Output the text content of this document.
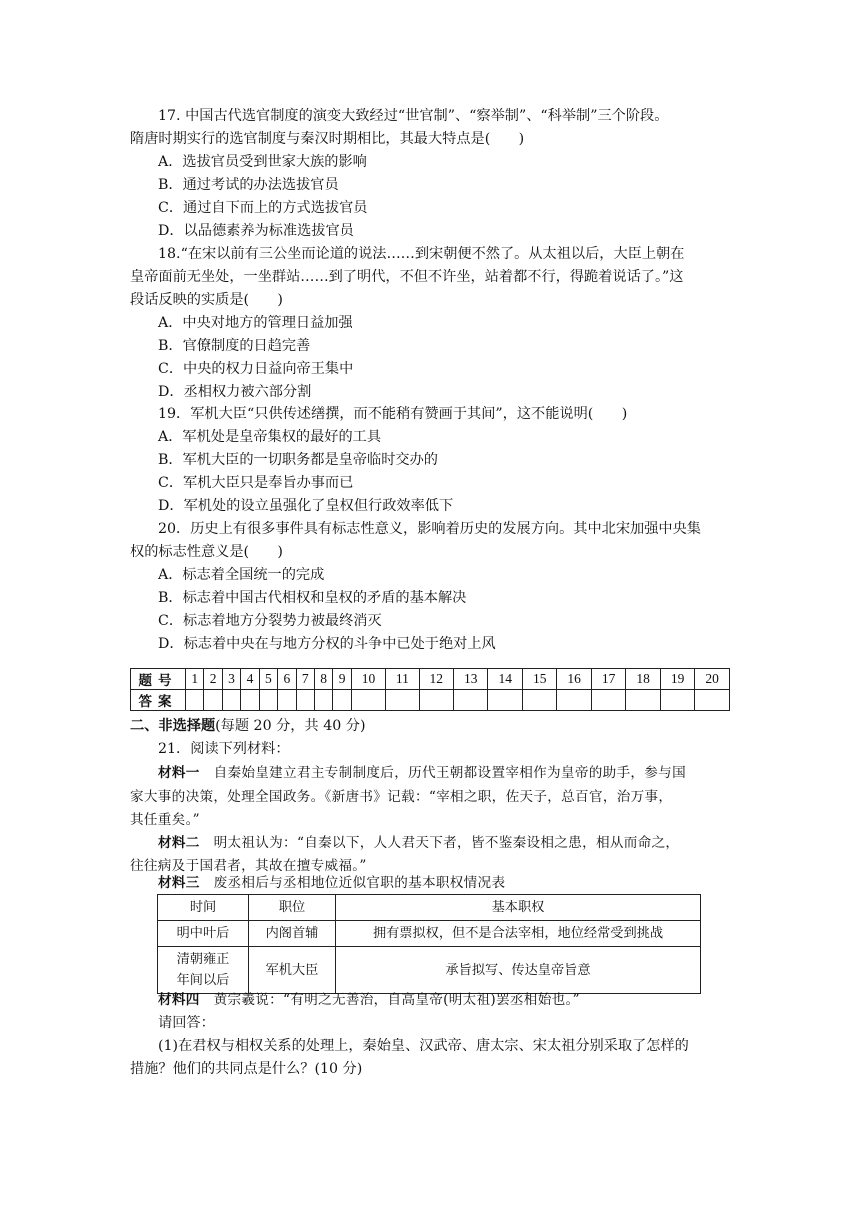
17. 中国古代选官制度的演变大致经过“世官制”、“察举制”、“科举制”三个阶段。
隋唐时期实行的选官制度与秦汉时期相比，其最大特点是(　　)
A．选拔官员受到世家大族的影响
B．通过考试的办法选拔官员
C．通过自下而上的方式选拔官员
D．以品德素养为标准选拔官员
18.“在宋以前有三公坐而论道的说法……到宋朝便不然了。从太祖以后，大臣上朝在
皇帝面前无坐处，一坐群站……到了明代，不但不许坐，站着都不行，得跪着说话了。”这
段话反映的实质是(　　)
A．中央对地方的管理日益加强
B．官僚制度的日趋完善
C．中央的权力日益向帝王集中
D．丞相权力被六部分割
19．军机大臣“只供传述缮撰，而不能稍有赞画于其间”，这不能说明(　　)
A．军机处是皇帝集权的最好的工具
B．军机大臣的一切职务都是皇帝临时交办的
C．军机大臣只是奉旨办事而已
D．军机处的设立虽强化了皇权但行政效率低下
20．历史上有很多事件具有标志性意义，影响着历史的发展方向。其中北宋加强中央集
权的标志性意义是(　　)
A．标志着全国统一的完成
B．标志着中国古代相权和皇权的矛盾的基本解决
C．标志着地方分裂势力被最终消灭
D．标志着中央在与地方分权的斗争中已处于绝对上风
题号	1	2	3	4	5	6	7	8	9	10	11	12	13	14	15	16	17	18	19	20
答案																				
二、非选择题(每题 20 分，共 40 分)
21．阅读下列材料：
材料一　自秦始皇建立君主专制制度后，历代王朝都设置宰相作为皇帝的助手，参与国
家大事的决策，处理全国政务。《新唐书》记载：“宰相之职，佐天子，总百官，治万事，
其任重矣。”
材料二　明太祖认为：“自秦以下，人人君天下者，皆不鉴秦设相之患，相从而命之，
往往病及于国君者，其故在擅专威福。”
材料三　废丞相后与丞相地位近似官职的基本职权情况表
时间	职位	基本职权
明中叶后	内阁首辅	拥有票拟权，但不是合法宰相，地位经常受到挑战

清朝雍正
年间以后	军机大臣	承旨拟写、传达皇帝旨意
材料四　黄宗羲说：“有明之无善治，自高皇帝(明太祖)罢丞相始也。”
请回答：
(1)在君权与相权关系的处理上，秦始皇、汉武帝、唐太宗、宋太祖分别采取了怎样的
措施？他们的共同点是什么？(10 分)
